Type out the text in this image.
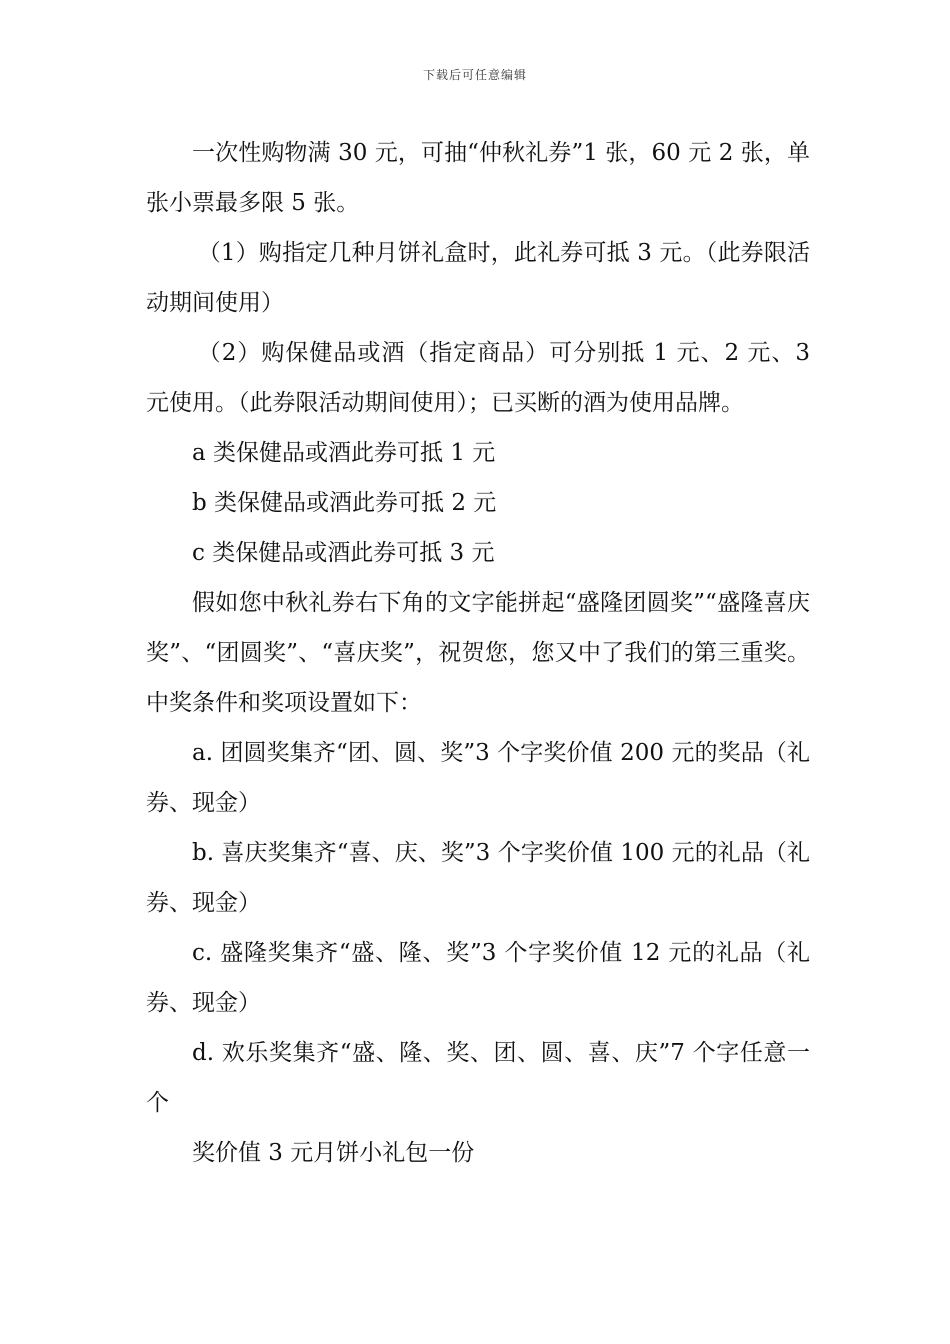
下载后可任意编辑

一次性购物满 30 元，可抽“仲秋礼券”1 张，60 元 2 张，单张小票最多限 5 张。

（1）购指定几种月饼礼盒时，此礼券可抵 3 元。（此券限活动期间使用）

（2）购保健品或酒（指定商品）可分别抵 1 元、2 元、3 元使用。（此券限活动期间使用）；已买断的酒为使用品牌。

a 类保健品或酒此券可抵 1 元

b 类保健品或酒此券可抵 2 元

c 类保健品或酒此券可抵 3 元

假如您中秋礼券右下角的文字能拼起“盛隆团圆奖”“盛隆喜庆奖”、“团圆奖”、“喜庆奖”，祝贺您，您又中了我们的第三重奖。中奖条件和奖项设置如下：

a. 团圆奖集齐“团、圆、奖”3 个字奖价值 200 元的奖品（礼券、现金）

b. 喜庆奖集齐“喜、庆、奖”3 个字奖价值 100 元的礼品（礼券、现金）

c. 盛隆奖集齐“盛、隆、奖”3 个字奖价值 12 元的礼品（礼券、现金）

d. 欢乐奖集齐“盛、隆、奖、团、圆、喜、庆”7 个字任意一个

奖价值 3 元月饼小礼包一份
